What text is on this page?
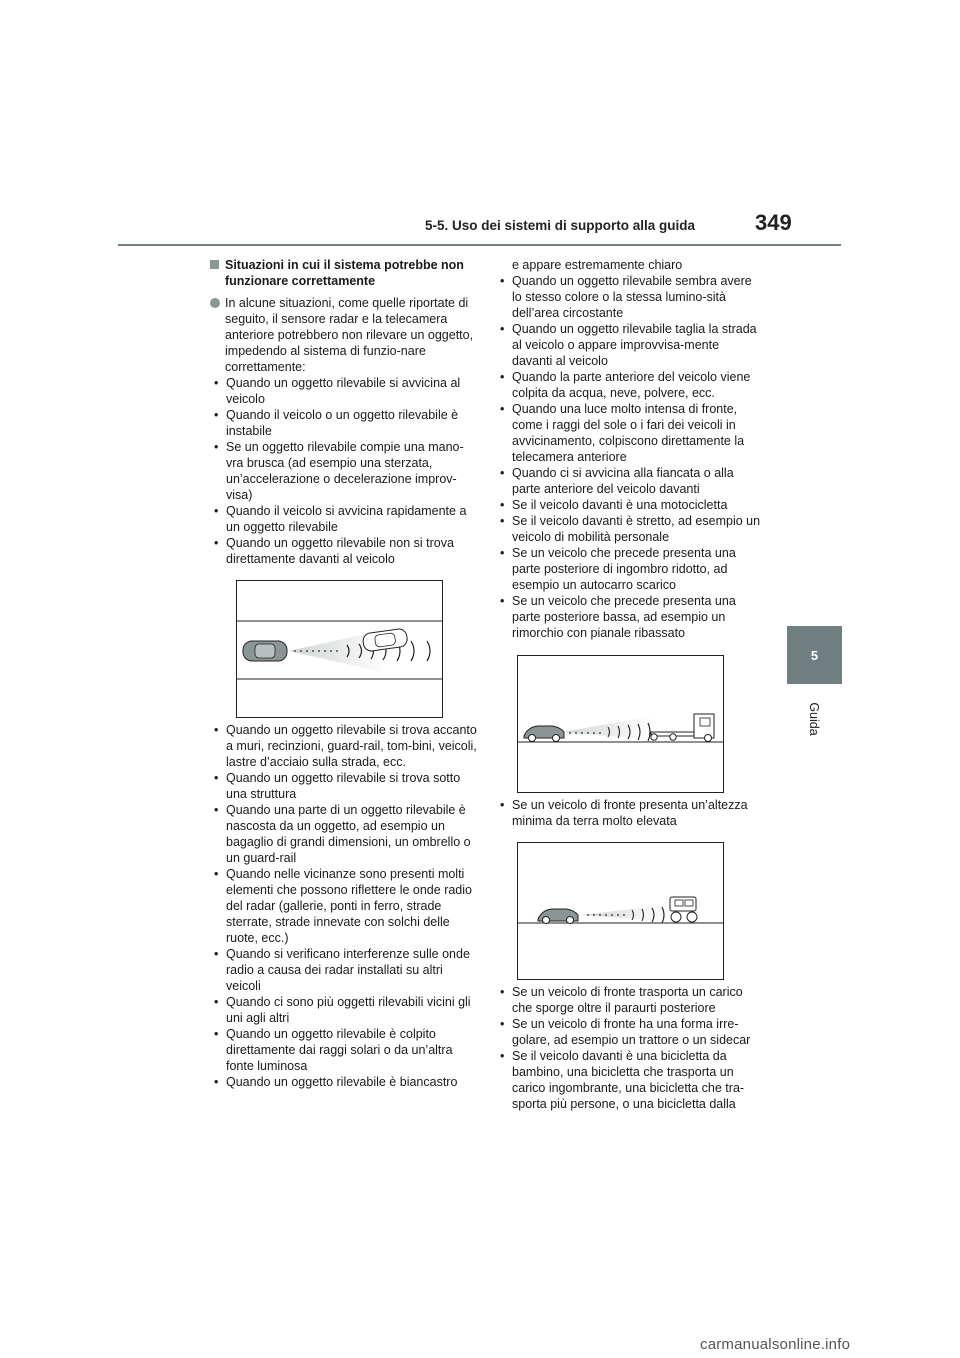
5-5. Uso dei sistemi di supporto alla guida	349
5
Guida
Situazioni in cui il sistema potrebbe non funzionare correttamente
In alcune situazioni, come quelle riportate di seguito, il sensore radar e la telecamera anteriore potrebbero non rilevare un oggetto, impedendo al sistema di funzio-nare correttamente:
• Quando un oggetto rilevabile si avvicina al veicolo
• Quando il veicolo o un oggetto rilevabile è instabile
• Se un oggetto rilevabile compie una mano-vra brusca (ad esempio una sterzata, un’accelerazione o decelerazione improv-visa)
• Quando il veicolo si avvicina rapidamente a un oggetto rilevabile
• Quando un oggetto rilevabile non si trova direttamente davanti al veicolo
• Quando un oggetto rilevabile si trova accanto a muri, recinzioni, guard-rail, tom-bini, veicoli, lastre d’acciaio sulla strada, ecc.
• Quando un oggetto rilevabile si trova sotto una struttura
• Quando una parte di un oggetto rilevabile è nascosta da un oggetto, ad esempio un bagaglio di grandi dimensioni, un ombrello o un guard-rail
• Quando nelle vicinanze sono presenti molti elementi che possono riflettere le onde radio del radar (gallerie, ponti in ferro, strade sterrate, strade innevate con solchi delle ruote, ecc.)
• Quando si verificano interferenze sulle onde radio a causa dei radar installati su altri veicoli
• Quando ci sono più oggetti rilevabili vicini gli uni agli altri
• Quando un oggetto rilevabile è colpito direttamente dai raggi solari o da un’altra fonte luminosa
• Quando un oggetto rilevabile è biancastro

e appare estremamente chiaro

• Quando un oggetto rilevabile sembra avere lo stesso colore o la stessa lumino-sità dell’area circostante
• Quando un oggetto rilevabile taglia la strada al veicolo o appare improvvisa-mente davanti al veicolo
• Quando la parte anteriore del veicolo viene colpita da acqua, neve, polvere, ecc.
• Quando una luce molto intensa di fronte, come i raggi del sole o i fari dei veicoli in avvicinamento, colpiscono direttamente la telecamera anteriore
• Quando ci si avvicina alla fiancata o alla parte anteriore del veicolo davanti
• Se il veicolo davanti è una motocicletta
• Se il veicolo davanti è stretto, ad esempio un veicolo di mobilità personale
• Se un veicolo che precede presenta una parte posteriore di ingombro ridotto, ad esempio un autocarro scarico
• Se un veicolo che precede presenta una parte posteriore bassa, ad esempio un rimorchio con pianale ribassato
• Se un veicolo di fronte presenta un’altezza minima da terra molto elevata
• Se un veicolo di fronte trasporta un carico che sporge oltre il paraurti posteriore
• Se un veicolo di fronte ha una forma irre-golare, ad esempio un trattore o un sidecar
• Se il veicolo davanti è una bicicletta da bambino, una bicicletta che trasporta un carico ingombrante, una bicicletta che tra-sporta più persone, o una bicicletta dalla
carmanualsonline.info
